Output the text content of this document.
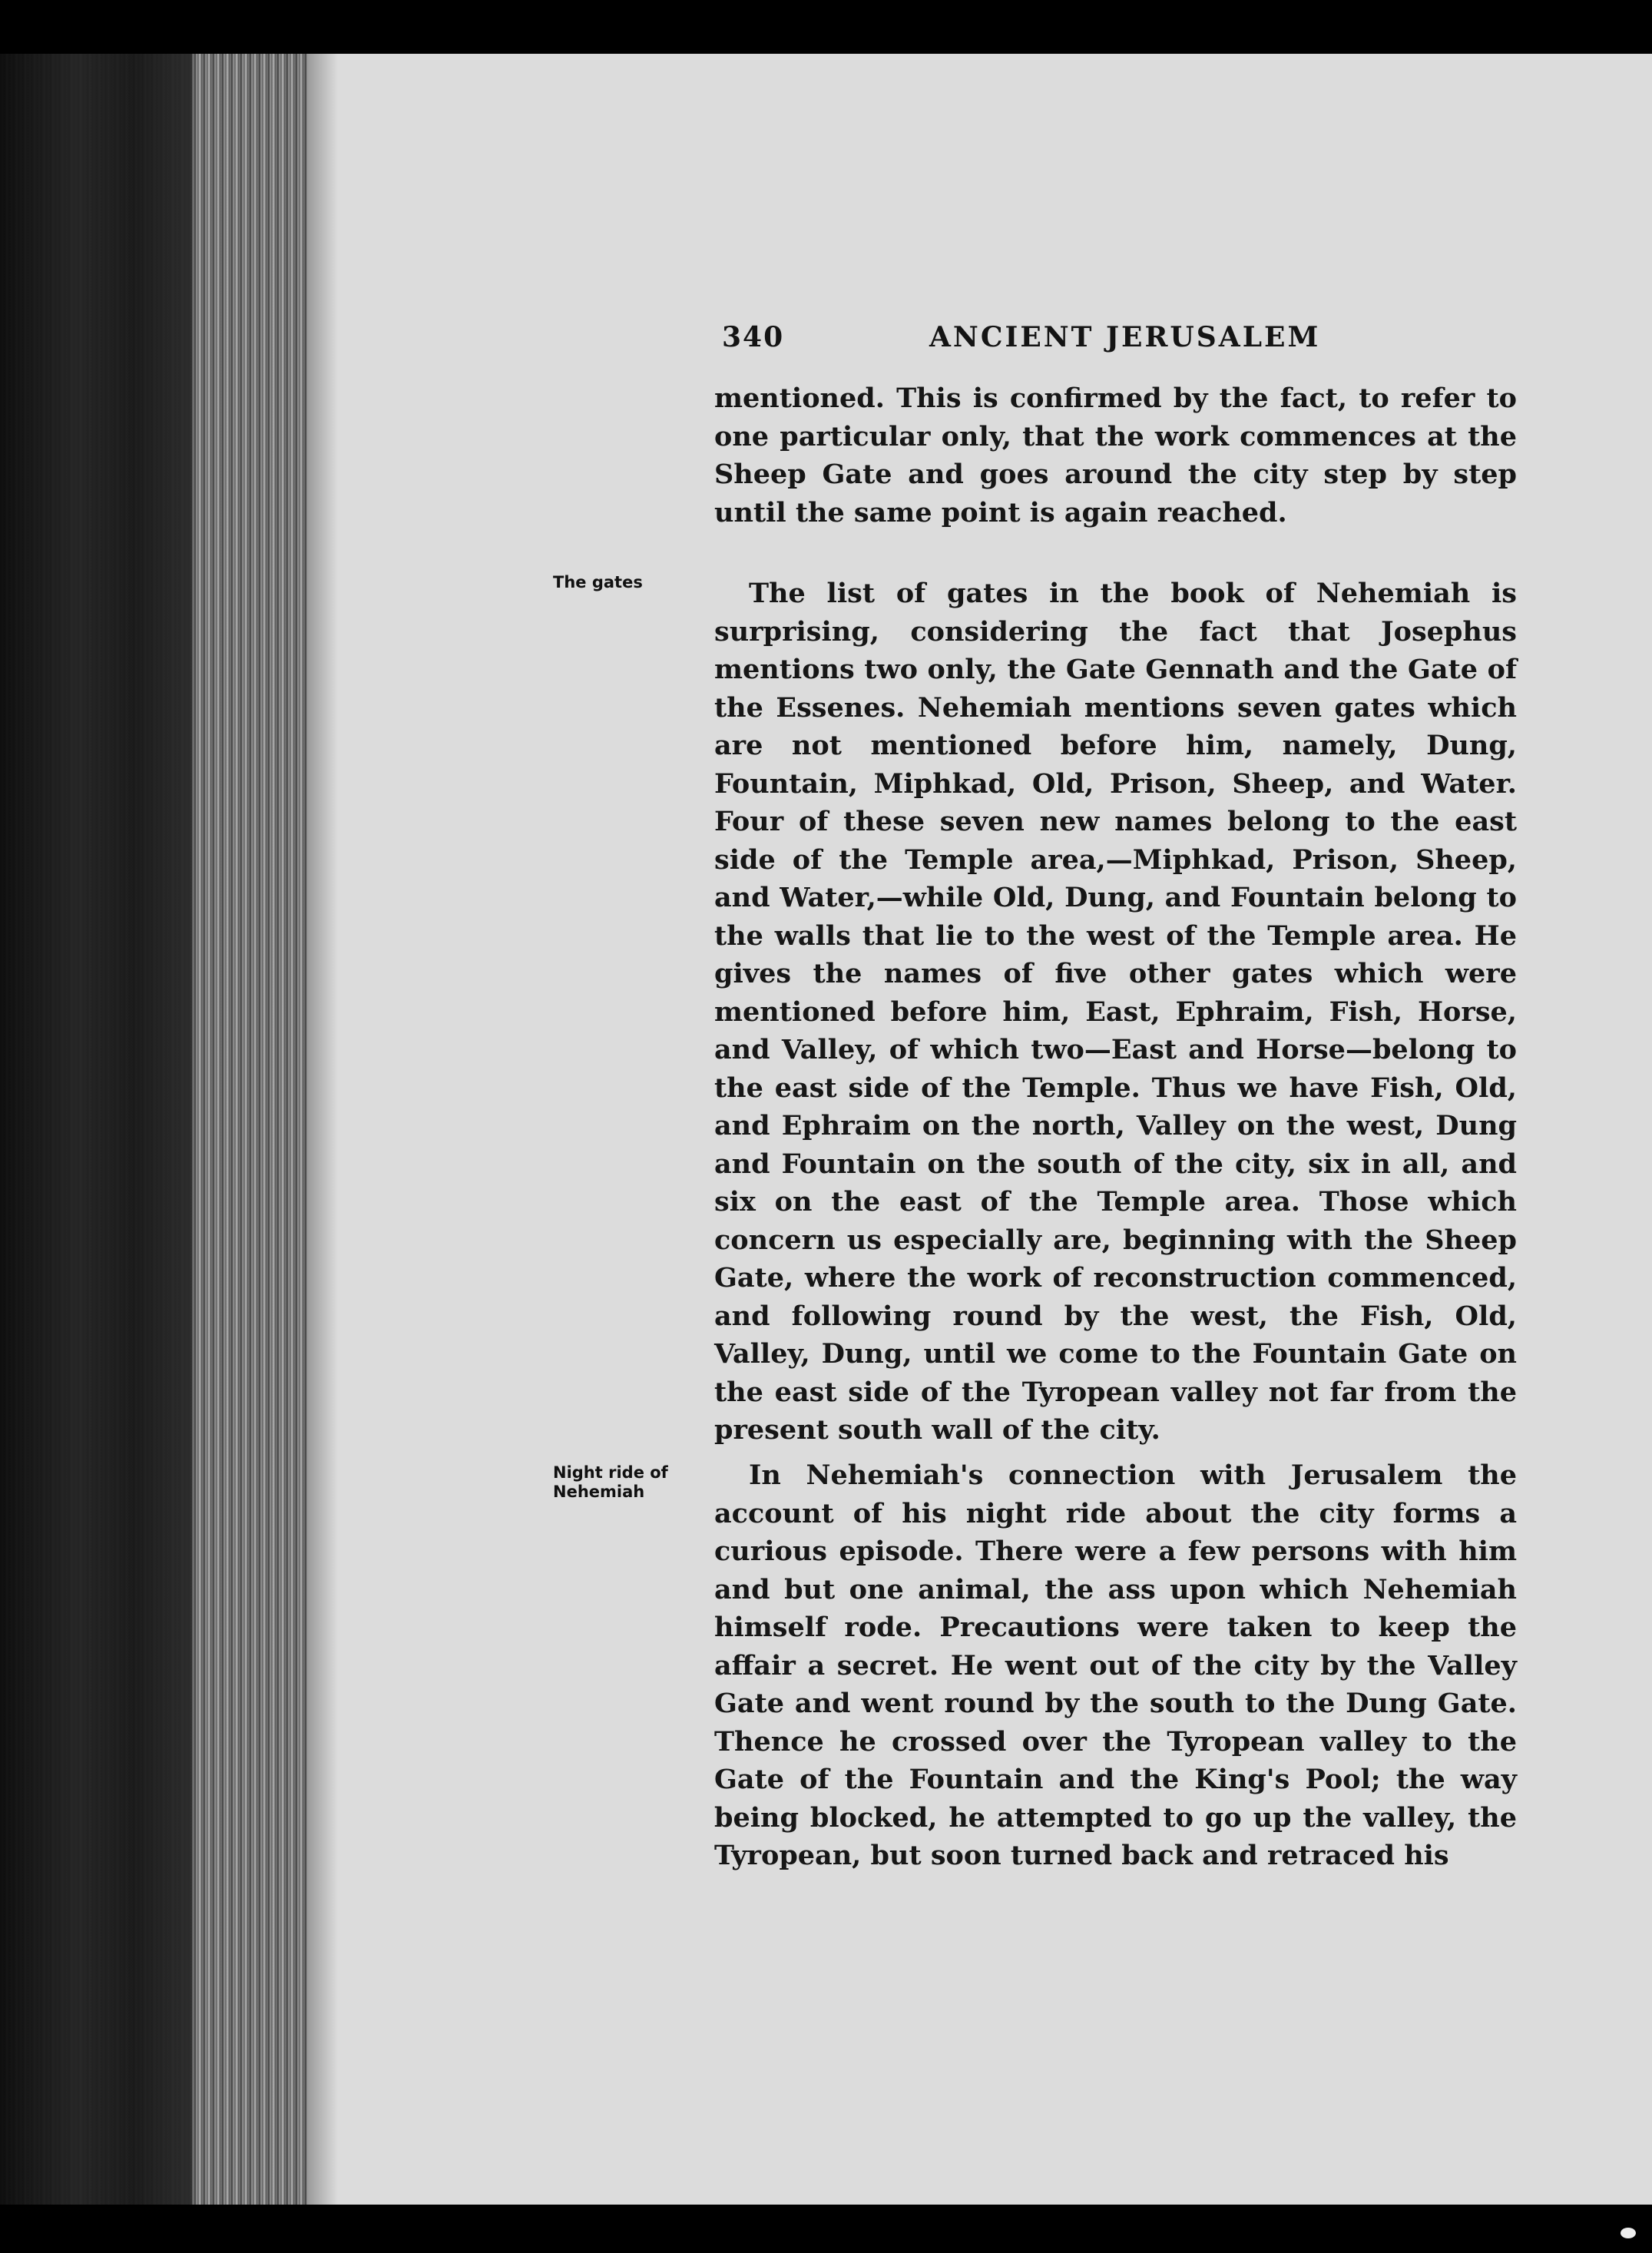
340	ANCIENT JERUSALEM

mentioned. This is confirmed by the fact, to refer to one particular only, that the work commences at the Sheep Gate and goes around the city step by step until the same point is again reached.

The gates	The list of gates in the book of Nehemiah is surprising, considering the fact that Josephus mentions two only, the Gate Gennath and the Gate of the Essenes. Nehemiah mentions seven gates which are not mentioned before him, namely, Dung, Fountain, Miphkad, Old, Prison, Sheep, and Water. Four of these seven new names belong to the east side of the Temple area,—Miphkad, Prison, Sheep, and Water,—while Old, Dung, and Fountain belong to the walls that lie to the west of the Temple area. He gives the names of five other gates which were mentioned before him, East, Ephraim, Fish, Horse, and Valley, of which two—East and Horse—belong to the east side of the Temple. Thus we have Fish, Old, and Ephraim on the north, Valley on the west, Dung and Fountain on the south of the city, six in all, and six on the east of the Temple area. Those which concern us especially are, beginning with the Sheep Gate, where the work of reconstruction commenced, and following round by the west, the Fish, Old, Valley, Dung, until we come to the Fountain Gate on the east side of the Tyropean valley not far from the present south wall of the city.

Night ride of Nehemiah

In Nehemiah's connection with Jerusalem the account of his night ride about the city forms a curious episode. There were a few persons with him and but one animal, the ass upon which Nehemiah himself rode. Precautions were taken to keep the affair a secret. He went out of the city by the Valley Gate and went round by the south to the Dung Gate. Thence he crossed over the Tyropean valley to the Gate of the Fountain and the King's Pool; the way being blocked, he attempted to go up the valley, the Tyropean, but soon turned back and retraced his
